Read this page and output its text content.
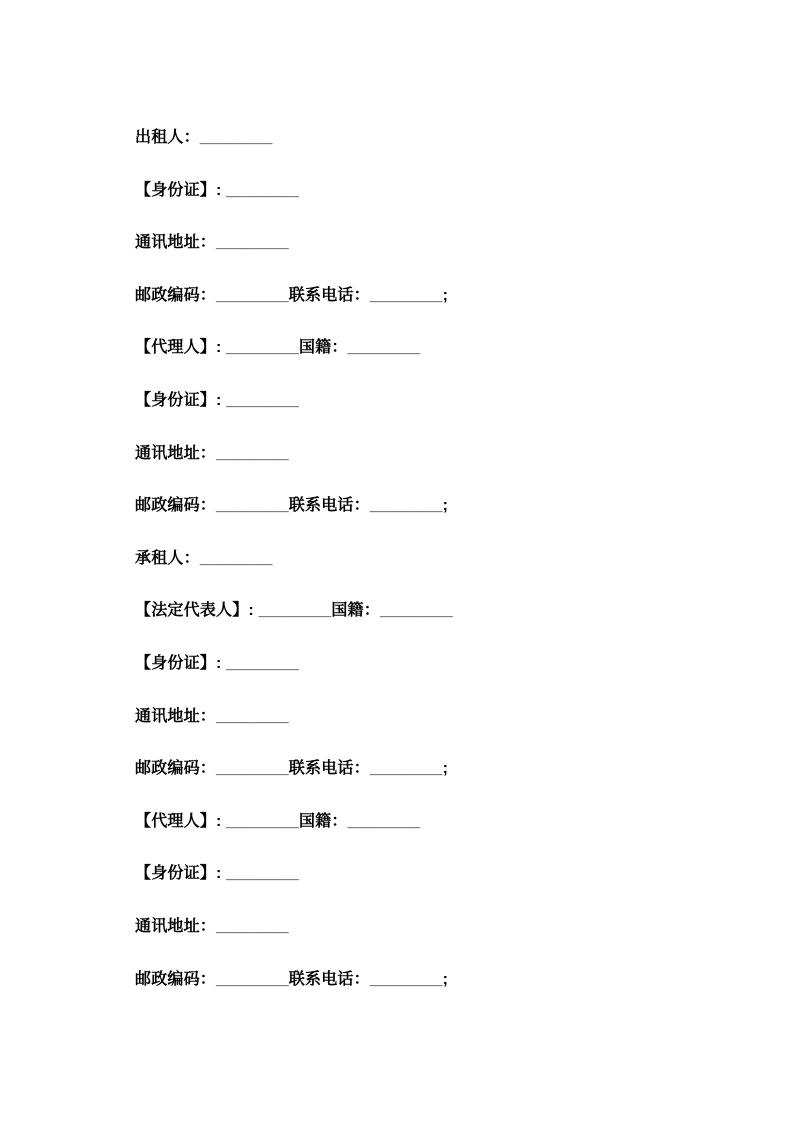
出租人：________

【身份证】: ________

通讯地址：________

邮政编码：________联系电话：________;

【代理人】: ________国籍：________

【身份证】: ________

通讯地址：________

邮政编码：________联系电话：________;

承租人：________

【法定代表人】: ________国籍：________

【身份证】: ________

通讯地址：________

邮政编码：________联系电话：________;

【代理人】: ________国籍：________

【身份证】: ________

通讯地址：________

邮政编码：________联系电话：________;
